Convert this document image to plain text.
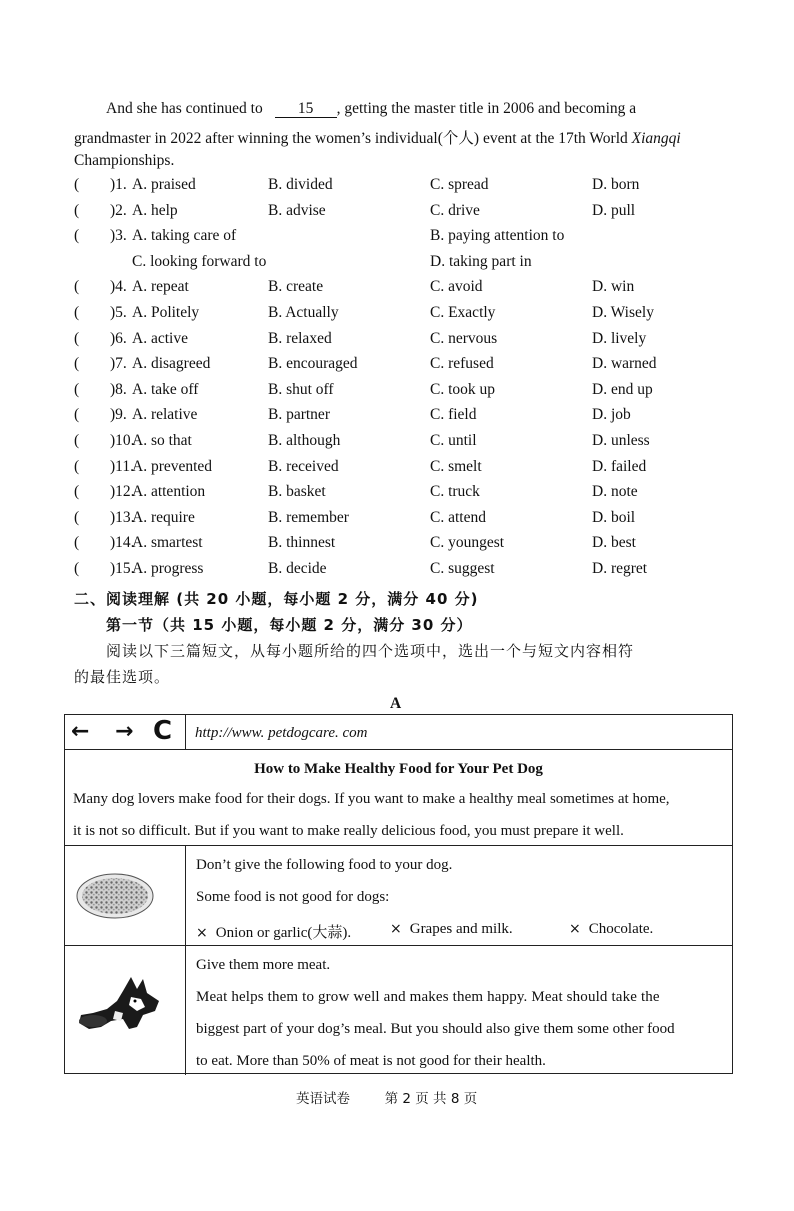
And she has continued to 15 , getting the master title in 2006 and becoming a
grandmaster in 2022 after winning the women’s individual(个人) event at the 17th World Xiangqi
Championships.
( )1. A. praised	B. divided	C. spread	D. born
( )2. A. help	B. advise	C. drive	D. pull
( )3. A. taking care of	B. paying attention to
C. looking forward to	D. taking part in
( )4. A. repeat	B. create	C. avoid	D. win
( )5. A. Politely	B. Actually	C. Exactly	D. Wisely
( )6. A. active	B. relaxed	C. nervous	D. lively
( )7. A. disagreed	B. encouraged	C. refused	D. warned
( )8. A. take off	B. shut off	C. took up	D. end up
( )9. A. relative	B. partner	C. field	D. job
( )10.
A. so that	B. although	C. until	D. unless
( )11.
A. prevented	B. received	C. smelt	D. failed
( )12.
A. attention	B. basket	C. truck	D. note
( )13.
A. require	B. remember	C. attend	D. boil
( )14.
A. smartest	B. thinnest	C. youngest	D. best
( )15.
A. progress	B. decide	C. suggest	D. regret
二、阅读理解 (共 20 小题，每小题 2 分，满分 40 分)
第一节（共 15 小题，每小题 2 分，满分 30 分）
阅读以下三篇短文，从每小题所给的四个选项中，选出一个与短文内容相符
的最佳选项。
A
← → C http://www. petdogcare. com
How to Make Healthy Food for Your Pet Dog
Many dog lovers make food for their dogs. If you want to make a healthy meal sometimes at home,
it is not so difficult. But if you want to make really delicious food, you must prepare it well.
Don’t give the following food to your dog.
Some food is not good for dogs:
× Onion or garlic(大蒜).	× Grapes and milk.	× Chocolate.
Give them more meat.
Meat helps them to grow well and makes them happy. Meat should take the
biggest part of your dog’s meal. But you should also give them some other food
to eat. More than 50% of meat is not good for their health.
英语试卷	第 2 页 共 8 页
